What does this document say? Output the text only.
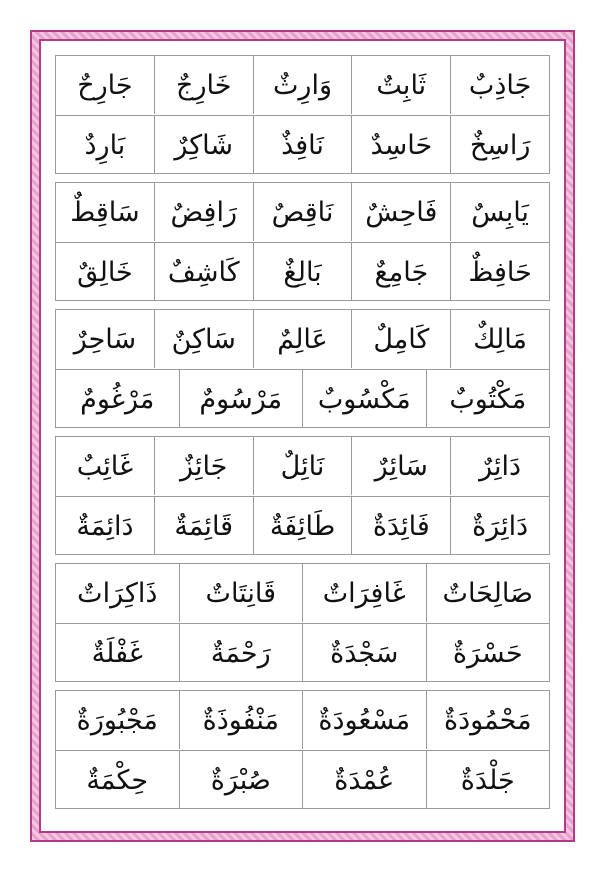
جَاذِبٌ
ثَابِتٌ
وَارِثٌ
خَارِجٌ
جَارِحٌ
رَاسِخٌ
حَاسِدٌ
نَافِذٌ
شَاكِرٌ
بَارِدٌ
يَابِسٌ
فَاحِشٌ
نَاقِصٌ
رَافِضٌ
سَاقِطٌ
حَافِظٌ
جَامِعٌ
بَالِغٌ
كَاشِفٌ
خَالِقٌ
مَالِكٌ
كَامِلٌ
عَالِمٌ
سَاكِنٌ
سَاحِرٌ
مَكْتُوبٌ
مَكْسُوبٌ
مَرْسُومٌ
مَرْغُومٌ
دَائِرٌ
سَائِرٌ
نَائِلٌ
جَائِزٌ
غَائِبٌ
دَائِرَةٌ
فَائِدَةٌ
طَائِفَةٌ
قَائِمَةٌ
دَائِمَةٌ
صَالِحَاتٌ
غَافِرَاتٌ
قَانِتَاتٌ
ذَاكِرَاتٌ
حَسْرَةٌ
سَجْدَةٌ
رَحْمَةٌ
غَفْلَةٌ
مَحْمُودَةٌ
مَسْعُودَةٌ
مَنْفُوذَةٌ
مَجْبُورَةٌ
جَلْدَةٌ
عُمْدَةٌ
صُبْرَةٌ
حِكْمَةٌ
